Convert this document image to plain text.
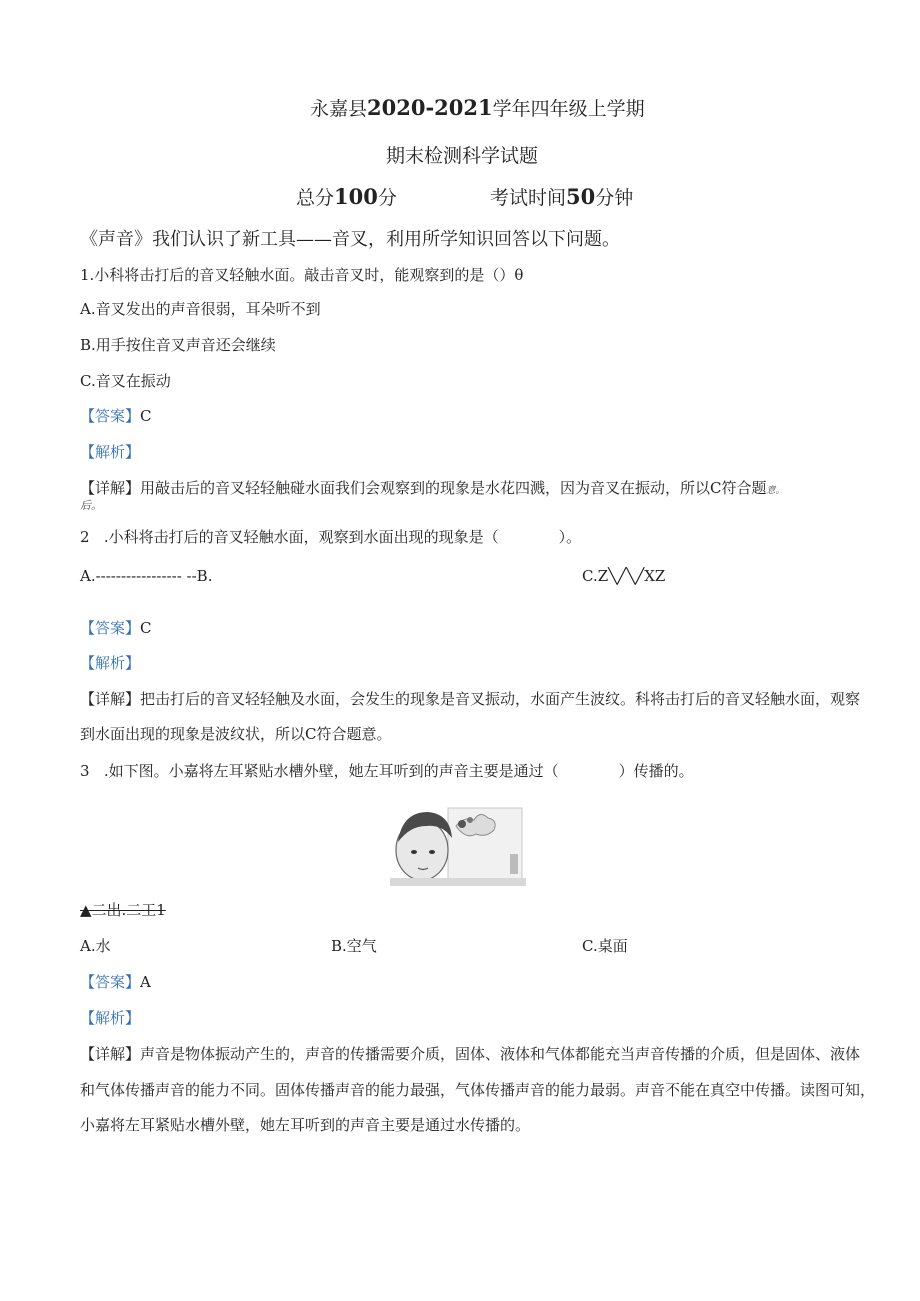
永嘉县2020-2021学年四年级上学期
期末检测科学试题
总分100分	考试时间50分钟
《声音》我们认识了新工具——音叉，利用所学知识回答以下问题。
1.小科将击打后的音叉轻触水面。敲击音叉时，能观察到的是（）θ
A.音叉发出的声音很弱，耳朵听不到
B.用手按住音叉声音还会继续
C.音叉在振动
【答案】C
【解析】
【详解】用敲击后的音叉轻轻触碰水面我们会观察到的现象是水花四溅，因为音叉在振动，所以C符合题意。
后。
2 .小科将击打后的音叉轻触水面，观察到水面出现的现象是（　　　　）。
A.----------------- --B.	C.Z╲╱╲╱XZ
【答案】C
【解析】
【详解】把击打后的音叉轻轻触及水面，会发生的现象是音叉振动，水面产生波纹。科将击打后的音叉轻触水面，观察
到水面出现的现象是波纹状，所以C符合题意。
3 .如下图。小嘉将左耳紧贴水槽外壁，她左耳听到的声音主要是通过（　　　　）传播的。
▲二出.二工1
A.水	B.空气	C.桌面
【答案】A
【解析】
【详解】声音是物体振动产生的，声音的传播需要介质，固体、液体和气体都能充当声音传播的介质，但是固体、液体
和气体传播声音的能力不同。固体传播声音的能力最强，气体传播声音的能力最弱。声音不能在真空中传播。读图可知，
小嘉将左耳紧贴水槽外壁，她左耳听到的声音主要是通过水传播的。
